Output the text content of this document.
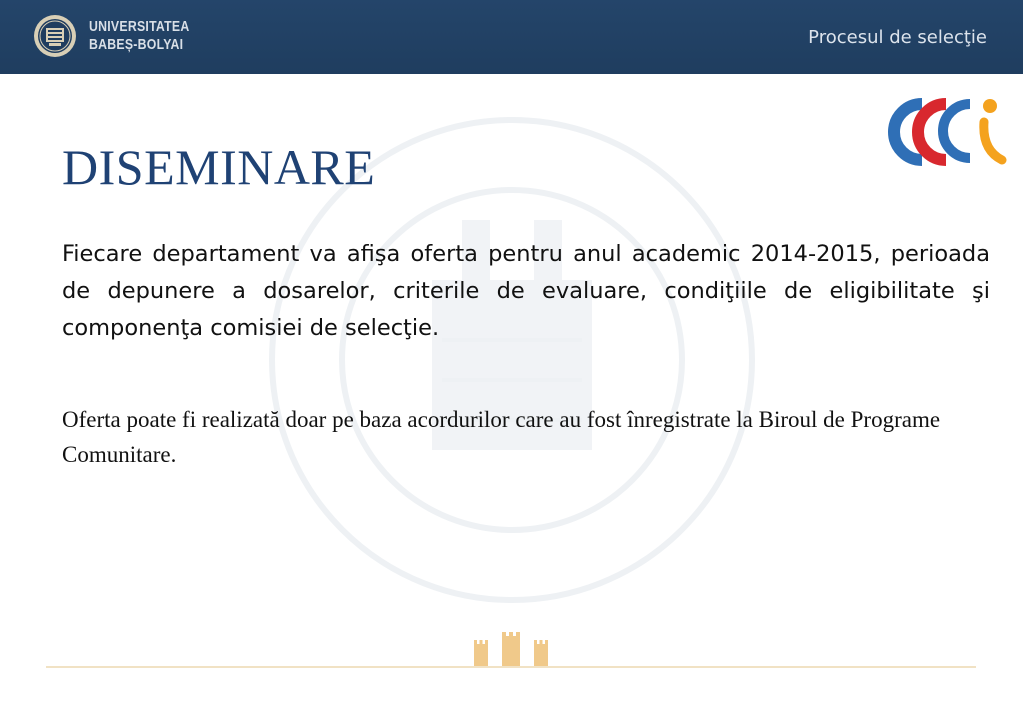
UNIVERSITATEA
BABEȘ-BOLYAI	Procesul de selecţie
DISEMINARE

Fiecare departament va afişa oferta pentru anul academic 2014-2015, perioada de depunere a dosarelor, criterile de evaluare, condiţiile de eligibilitate şi componenţa comisiei de selecţie.

Oferta poate fi realizată doar pe baza acordurilor care au fost înregistrate la Biroul de Programe Comunitare.
